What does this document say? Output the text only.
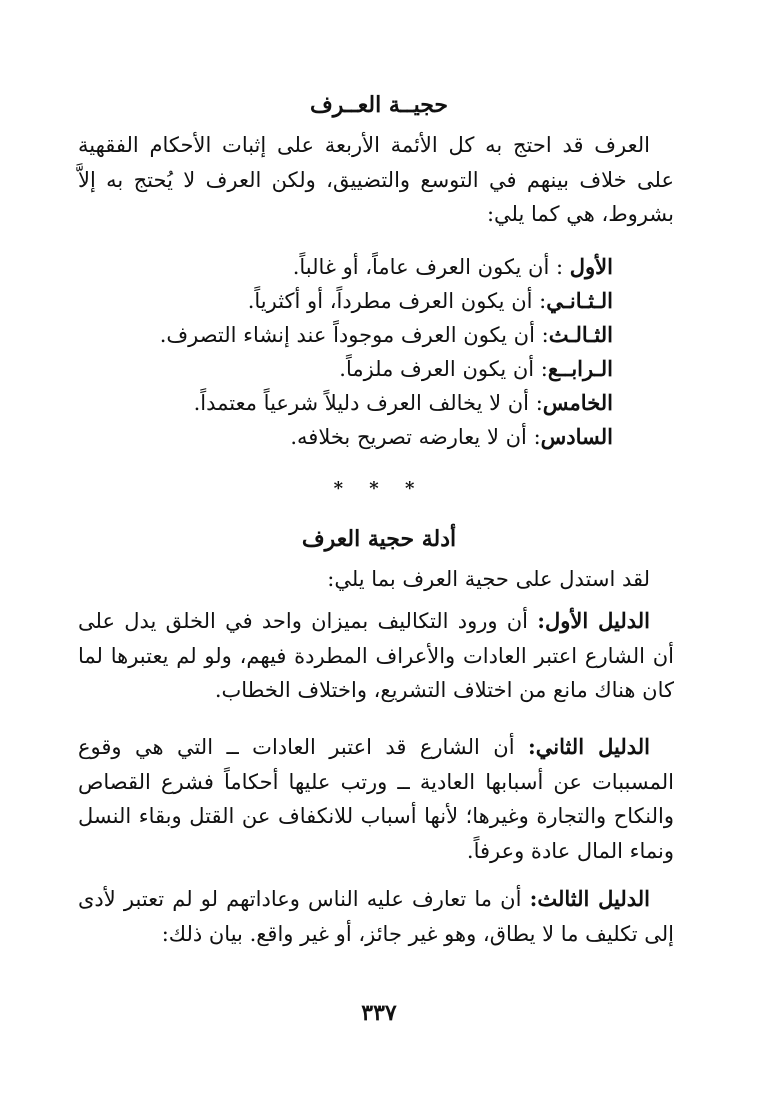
حجيــة العــرف
العرف قد احتج به كل الأئمة الأربعة على إثبات الأحكام الفقهية على خلاف بينهم في التوسع والتضييق، ولكن العرف لا يُحتج به إلاَّ بشروط، هي كما يلي:
الأول : أن يكون العرف عاماً، أو غالباً.
الـثـانـي: أن يكون العرف مطرداً، أو أكثرياً.
الثـالـث: أن يكون العرف موجوداً عند إنشاء التصرف.
الـرابــع: أن يكون العرف ملزماً.
الخامس: أن لا يخالف العرف دليلاً شرعياً معتمداً.
السادس: أن لا يعارضه تصريح بخلافه.
* * *
أدلة حجية العرف
لقد استدل على حجية العرف بما يلي:
الدليل الأول: أن ورود التكاليف بميزان واحد في الخلق يدل على أن الشارع اعتبر العادات والأعراف المطردة فيهم، ولو لم يعتبرها لما كان هناك مانع من اختلاف التشريع، واختلاف الخطاب.
الدليل الثاني: أن الشارع قد اعتبر العادات ــ التي هي وقوع المسببات عن أسبابها العادية ــ ورتب عليها أحكاماً فشرع القصاص والنكاح والتجارة وغيرها؛ لأنها أسباب للانكفاف عن القتل وبقاء النسل ونماء المال عادة وعرفاً.
الدليل الثالث: أن ما تعارف عليه الناس وعاداتهم لو لم تعتبر لأدى إلى تكليف ما لا يطاق، وهو غير جائز، أو غير واقع. بيان ذلك:
٣٣٧
